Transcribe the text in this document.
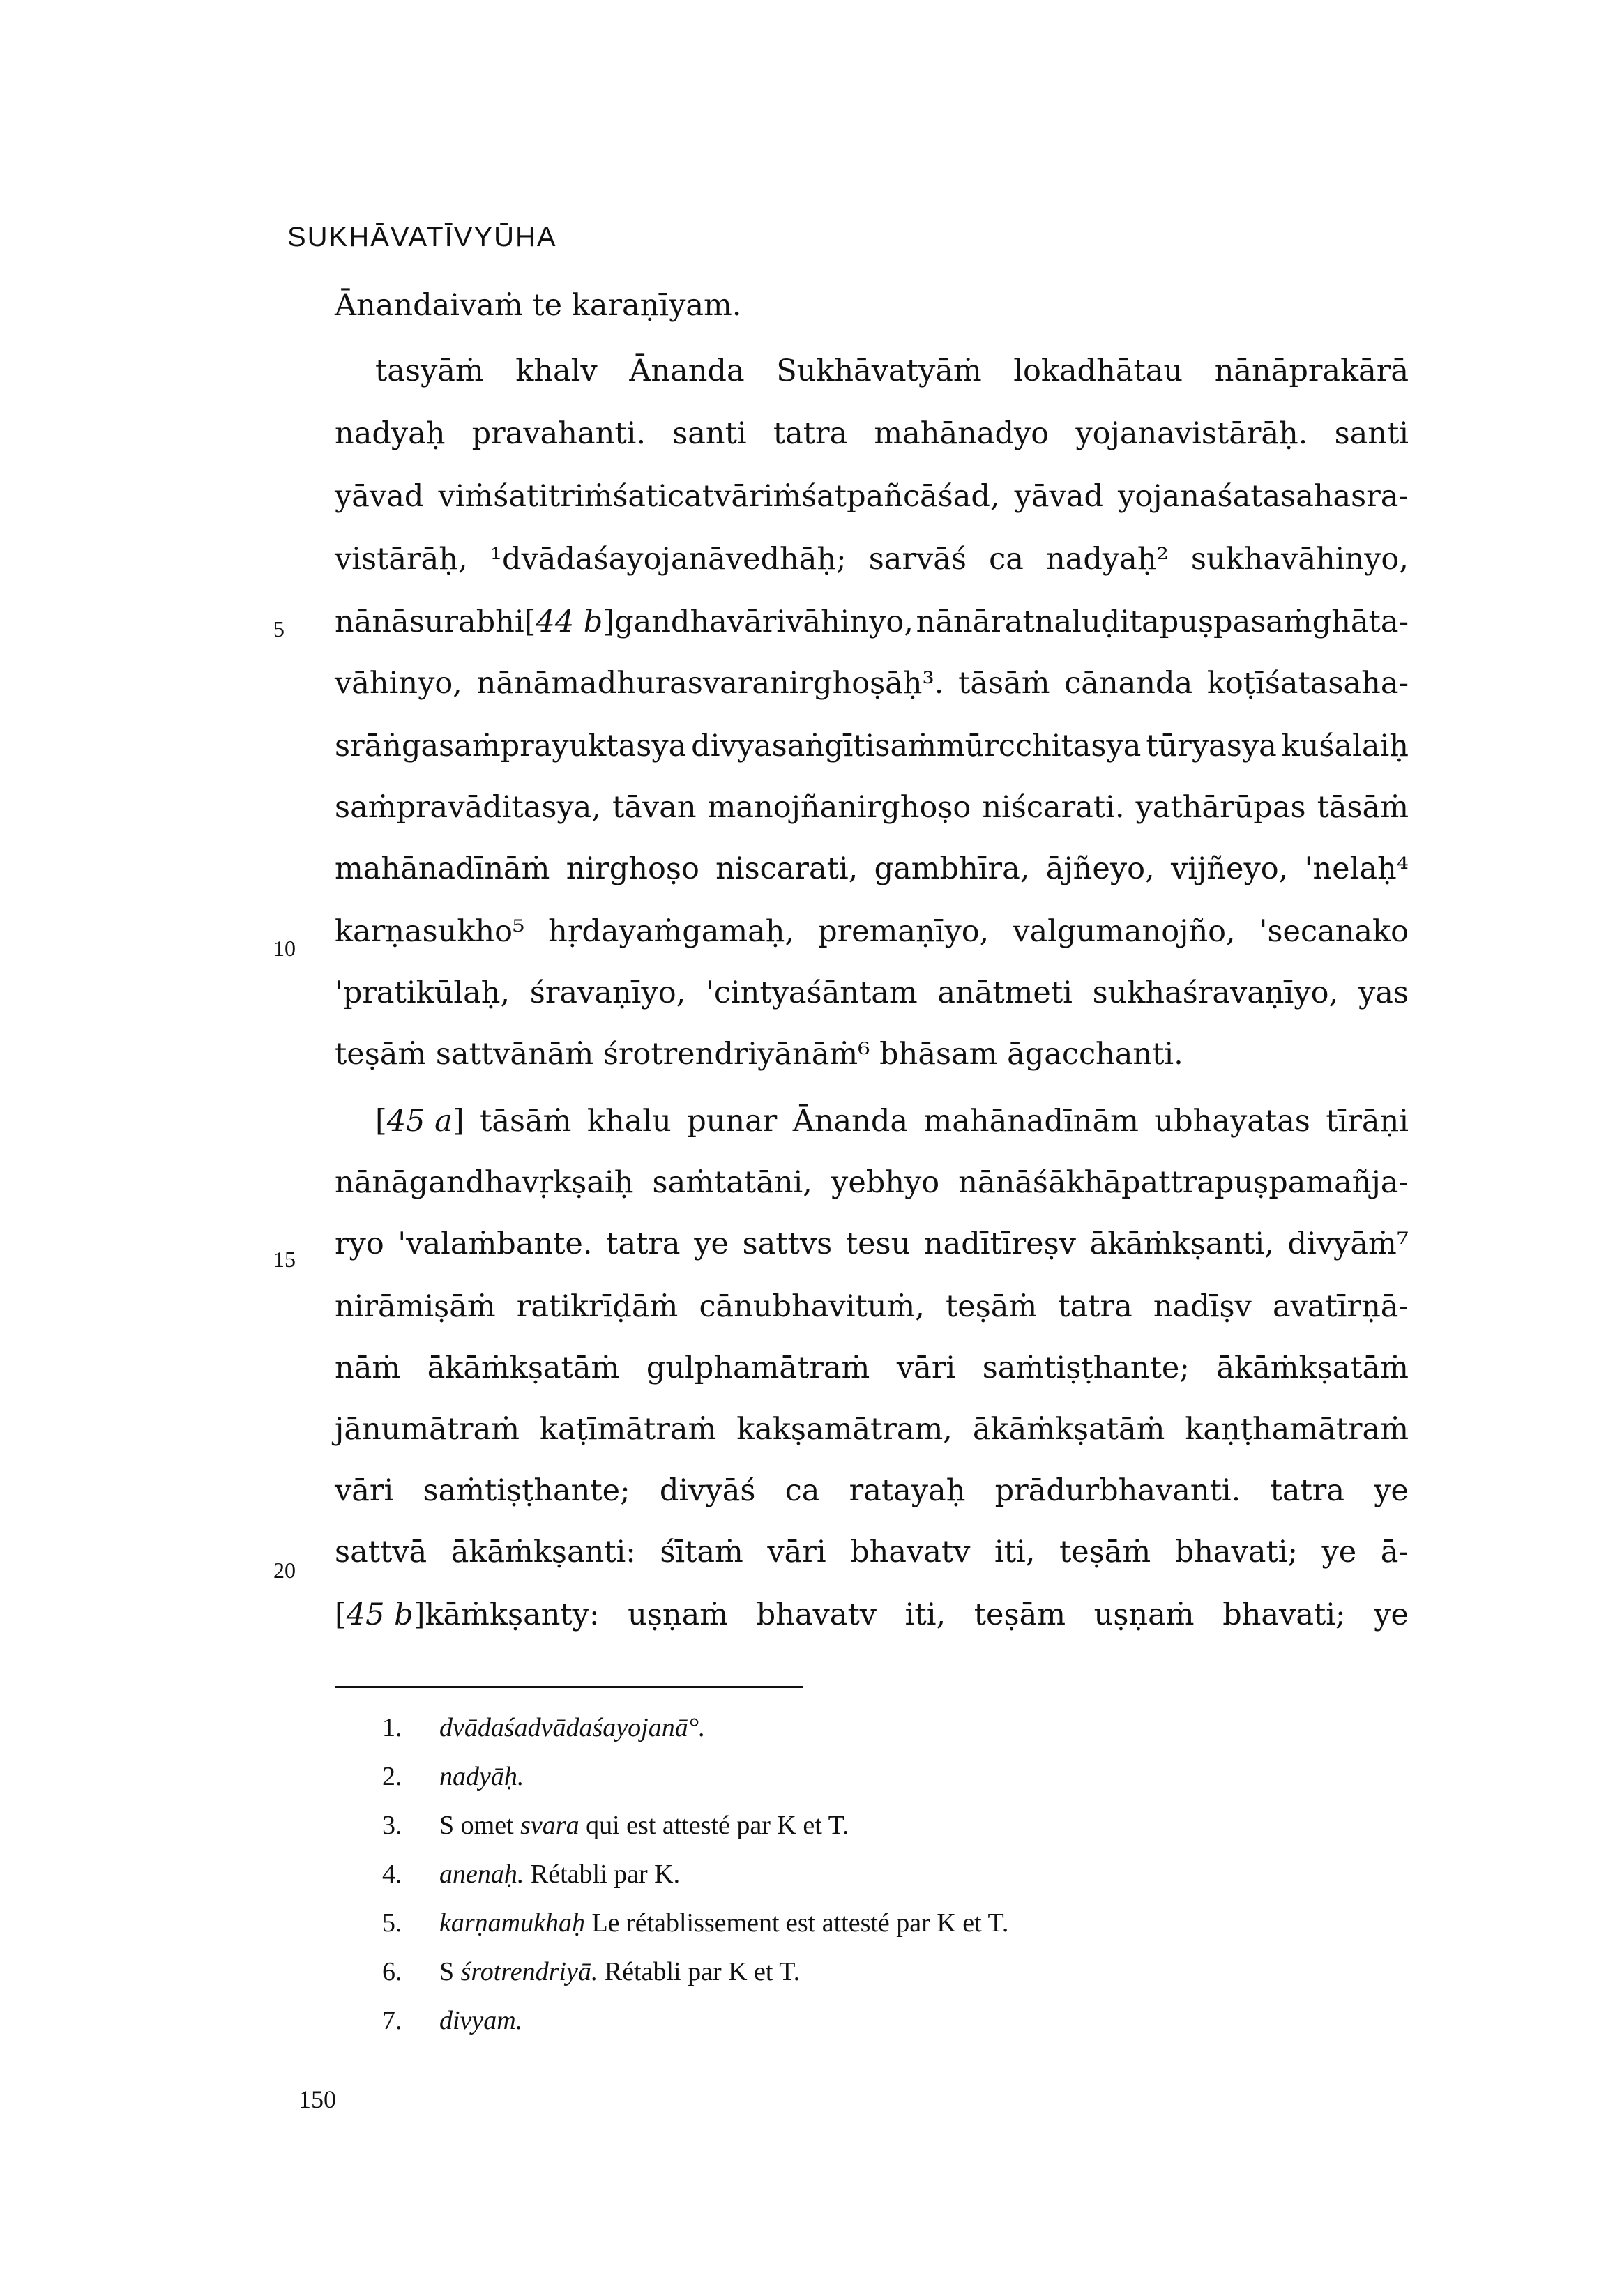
SUKHĀVATĪVYŪHA
Ānandaivaṁ te karaṇīyam.
tasyāṁ khalv Ānanda Sukhāvatyāṁ lokadhātau nānāprakārā
nadyaḥ pravahanti. santi tatra mahānadyo yojanavistārāḥ. santi
yāvad viṁśatitriṁśaticatvāriṁśatpañcāśad, yāvad yojanaśatasahasra-
vistārāḥ, ¹dvādaśayojanāvedhāḥ; sarvāś ca nadyaḥ² sukhavāhinyo,
nānāsurabhi[44 b]gandhavārivāhinyo, nānāratnaluḍitapuṣpasaṁghāta-
vāhinyo, nānāmadhurasvaranirghoṣāḥ³. tāsāṁ cānanda koṭīśatasaha-
srāṅgasaṁprayuktasya divyasaṅgītisaṁmūrcchitasya tūryasya kuśalaiḥ
saṁpravāditasya, tāvan manojñanirghoṣo niścarati. yathārūpas tāsāṁ
mahānadīnāṁ nirghoṣo niscarati, gambhīra, ājñeyo, vijñeyo, 'nelaḥ⁴
karṇasukho⁵ hṛdayaṁgamaḥ, premaṇīyo, valgumanojño, 'secanako
'pratikūlaḥ, śravaṇīyo, 'cintyaśāntam anātmeti sukhaśravaṇīyo, yas
teṣāṁ sattvānāṁ śrotrendriyānāṁ⁶ bhāsam āgacchanti.
[45 a] tāsāṁ khalu punar Ānanda mahānadīnām ubhayatas tīrāṇi
nānāgandhavṛkṣaiḥ saṁtatāni, yebhyo nānāśākhāpattrapuṣpamañja-
ryo 'valaṁbante. tatra ye sattvs tesu nadītīreṣv ākāṁkṣanti, divyāṁ⁷
nirāmiṣāṁ ratikrīḍāṁ cānubhavituṁ, teṣāṁ tatra nadīṣv avatīrṇā-
nāṁ ākāṁkṣatāṁ gulphamātraṁ vāri saṁtiṣṭhante; ākāṁkṣatāṁ
jānumātraṁ kaṭīmātraṁ kakṣamātram, ākāṁkṣatāṁ kaṇṭhamātraṁ
vāri saṁtiṣṭhante; divyāś ca ratayaḥ prādurbhavanti. tatra ye
sattvā ākāṁkṣanti: śītaṁ vāri bhavatv iti, teṣāṁ bhavati; ye ā-
[45 b]kāṁkṣanty: uṣṇaṁ bhavatv iti, teṣām uṣṇaṁ bhavati; ye
5
10
15
20
1. dvādaśadvādaśayojanā°.
2. nadyāḥ.
3. S omet svara qui est attesté par K et T.
4. anenaḥ. Rétabli par K.
5. karṇamukhaḥ Le rétablissement est attesté par K et T.
6. S śrotrendriyā. Rétabli par K et T.
7. divyam.
150
